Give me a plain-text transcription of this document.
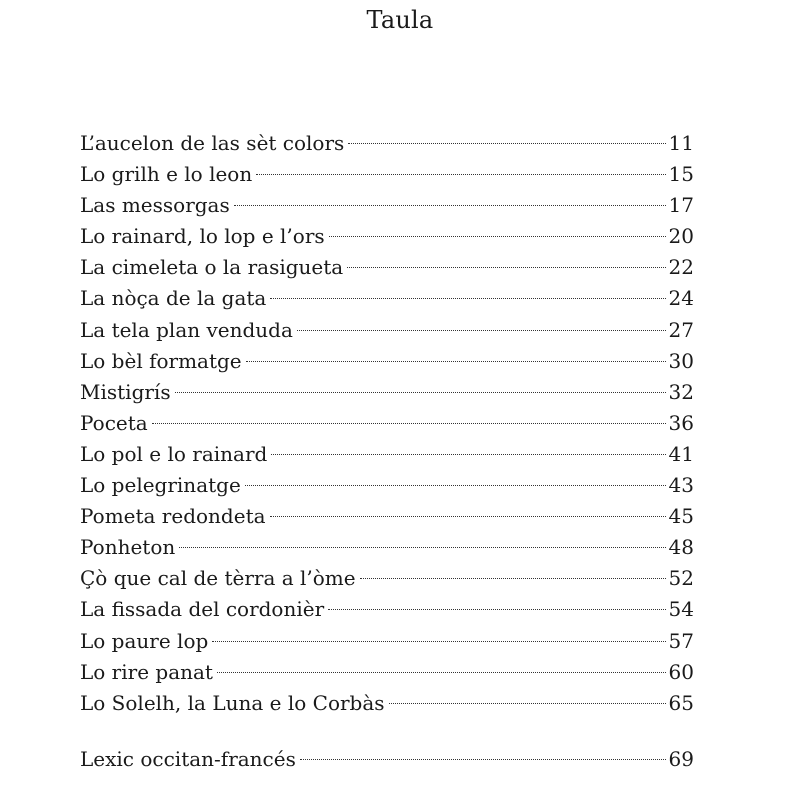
Taula
L’aucelon de las sèt colors	11
Lo grilh e lo leon	15
Las messorgas	17
Lo rainard, lo lop e l’ors	20
La cimeleta o la rasigueta	22
La nòça de la gata	24
La tela plan venduda	27
Lo bèl formatge	30
Mistigrís	32
Poceta	36
Lo pol e lo rainard	41
Lo pelegrinatge	43
Pometa redondeta	45
Ponheton	48
Çò que cal de tèrra a l’òme	52
La fissada del cordonièr	54
Lo paure lop	57
Lo rire panat	60
Lo Solelh, la Luna e lo Corbàs	65
Lexic occitan-francés	69
